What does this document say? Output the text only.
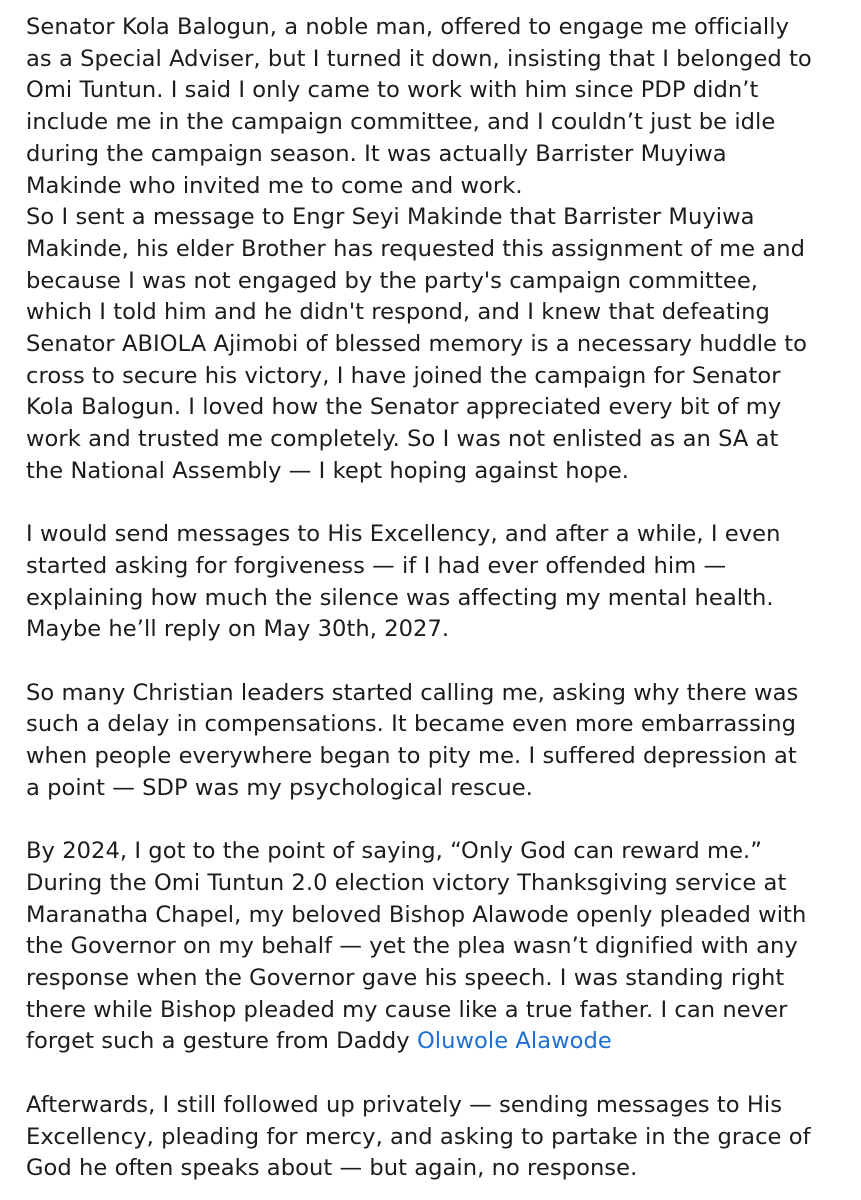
Senator Kola Balogun, a noble man, offered to engage me officially
as a Special Adviser, but I turned it down, insisting that I belonged to
Omi Tuntun. I said I only came to work with him since PDP didn’t
include me in the campaign committee, and I couldn’t just be idle
during the campaign season. It was actually Barrister Muyiwa
Makinde who invited me to come and work.
So I sent a message to Engr Seyi Makinde that Barrister Muyiwa
Makinde, his elder Brother has requested this assignment of me and
because I was not engaged by the party's campaign committee,
which I told him and he didn't respond, and I knew that defeating
Senator ABIOLA Ajimobi of blessed memory is a necessary huddle to
cross to secure his victory, I have joined the campaign for Senator
Kola Balogun. I loved how the Senator appreciated every bit of my
work and trusted me completely. So I was not enlisted as an SA at
the National Assembly — I kept hoping against hope.

I would send messages to His Excellency, and after a while, I even
started asking for forgiveness — if I had ever offended him —
explaining how much the silence was affecting my mental health.
Maybe he’ll reply on May 30th, 2027.

So many Christian leaders started calling me, asking why there was
such a delay in compensations. It became even more embarrassing
when people everywhere began to pity me. I suffered depression at
a point — SDP was my psychological rescue.

By 2024, I got to the point of saying, “Only God can reward me.”
During the Omi Tuntun 2.0 election victory Thanksgiving service at
Maranatha Chapel, my beloved Bishop Alawode openly pleaded with
the Governor on my behalf — yet the plea wasn’t dignified with any
response when the Governor gave his speech. I was standing right
there while Bishop pleaded my cause like a true father. I can never
forget such a gesture from Daddy Oluwole Alawode

Afterwards, I still followed up privately — sending messages to His
Excellency, pleading for mercy, and asking to partake in the grace of
God he often speaks about — but again, no response.
